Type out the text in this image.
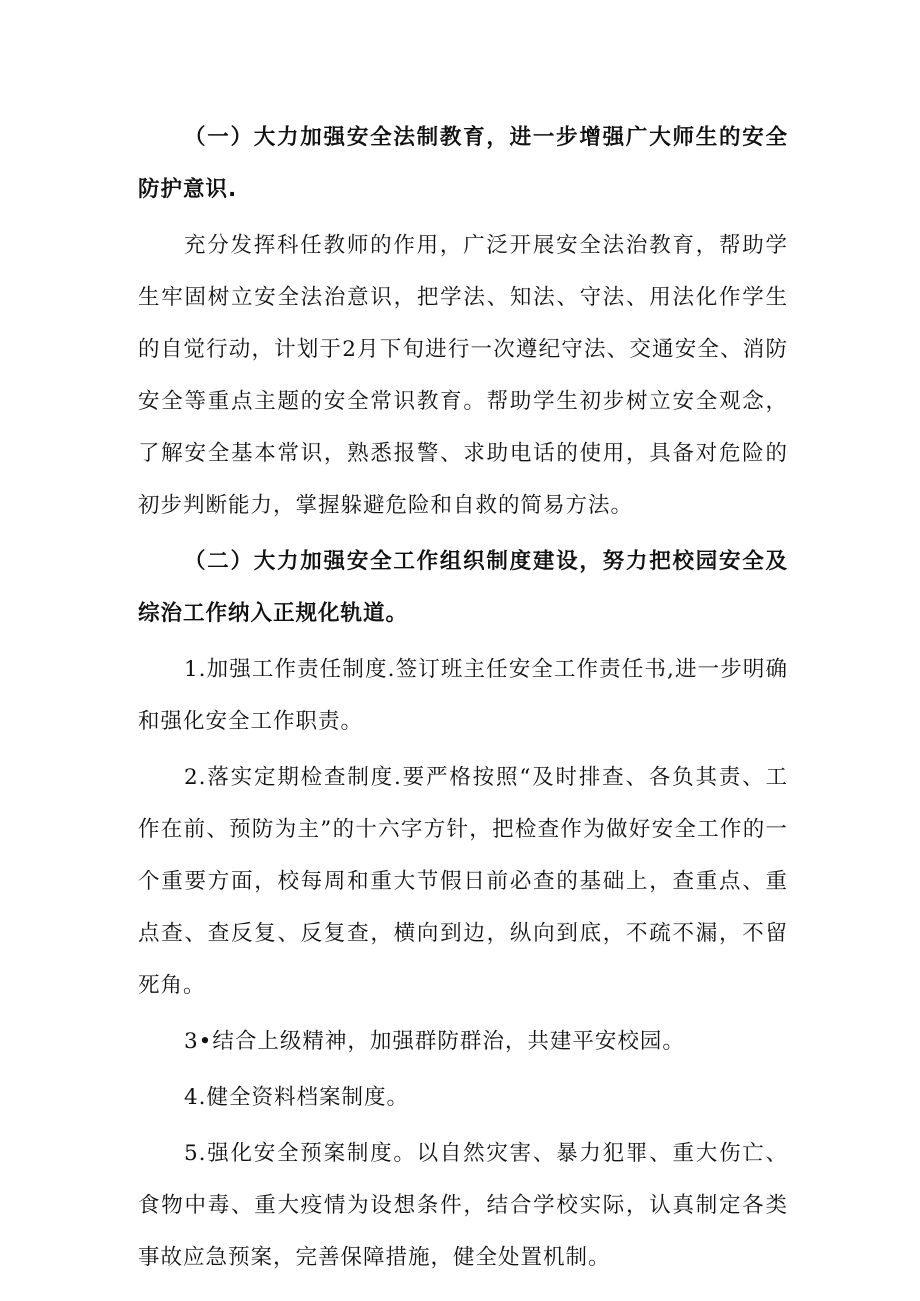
（一）大力加强安全法制教育，进一步增强广大师生的安全防护意识.

充分发挥科任教师的作用，广泛开展安全法治教育，帮助学生牢固树立安全法治意识，把学法、知法、守法、用法化作学生的自觉行动，计划于2月下旬进行一次遵纪守法、交通安全、消防安全等重点主题的安全常识教育。帮助学生初步树立安全观念，了解安全基本常识，熟悉报警、求助电话的使用，具备对危险的初步判断能力，掌握躲避危险和自救的简易方法。

（二）大力加强安全工作组织制度建设，努力把校园安全及综治工作纳入正规化轨道。

1.加强工作责任制度.签订班主任安全工作责任书,进一步明确和强化安全工作职责。

2.落实定期检查制度.要严格按照“及时排查、各负其责、工作在前、预防为主”的十六字方针，把检查作为做好安全工作的一个重要方面，校每周和重大节假日前必查的基础上，查重点、重点查、查反复、反复查，横向到边，纵向到底，不疏不漏，不留死角。

3•结合上级精神，加强群防群治，共建平安校园。

4.健全资料档案制度。

5.强化安全预案制度。以自然灾害、暴力犯罪、重大伤亡、食物中毒、重大疫情为设想条件，结合学校实际，认真制定各类事故应急预案，完善保障措施，健全处置机制。
